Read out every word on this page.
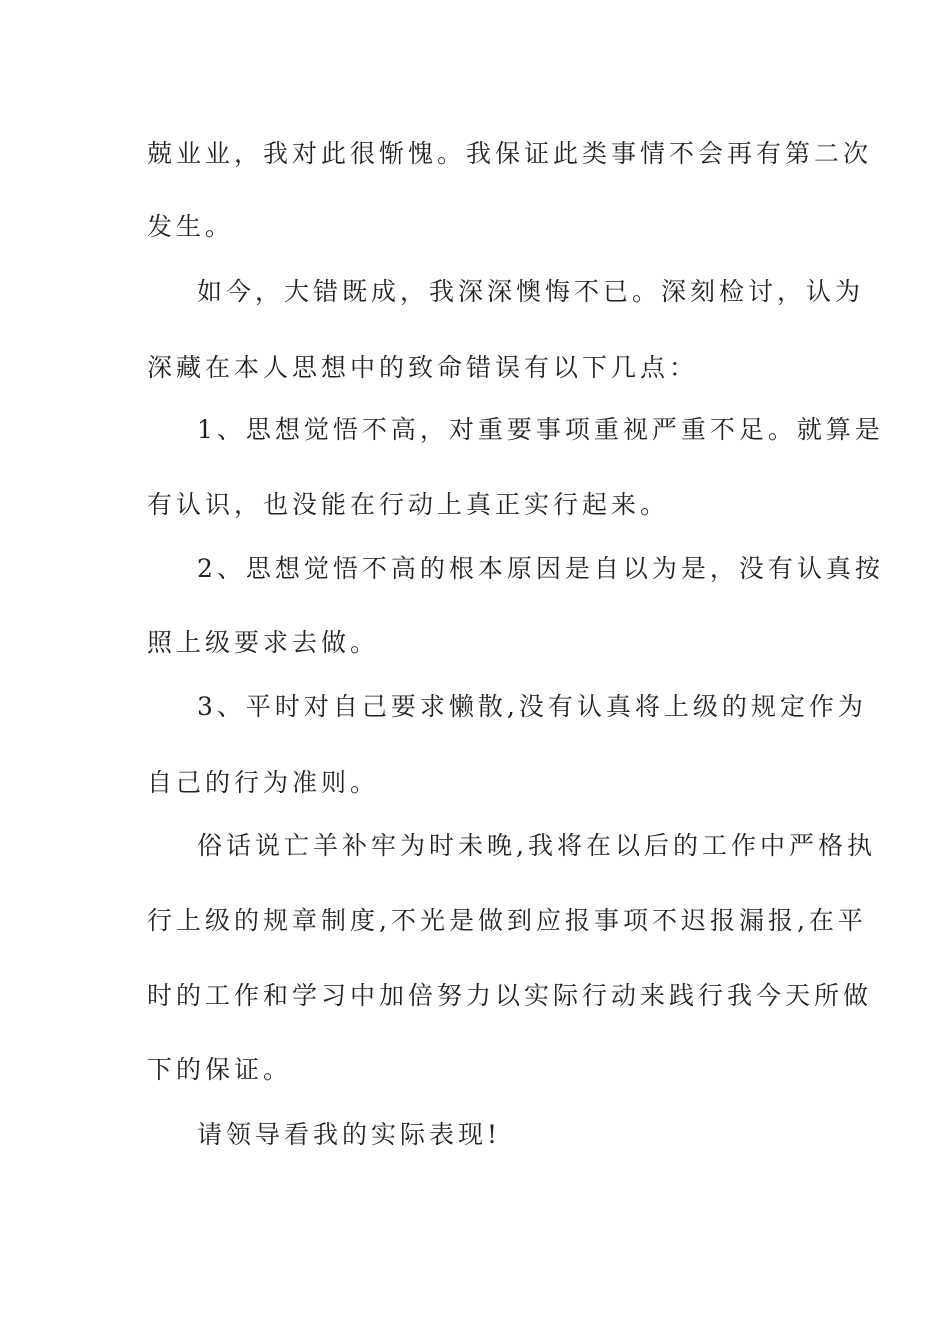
兢业业，我对此很惭愧。我保证此类事情不会再有第二次
发生。
如今，大错既成，我深深懊悔不已。深刻检讨，认为
深藏在本人思想中的致命错误有以下几点：
1、思想觉悟不高，对重要事项重视严重不足。就算是
有认识，也没能在行动上真正实行起来。
2、思想觉悟不高的根本原因是自以为是，没有认真按
照上级要求去做。
3、平时对自己要求懒散,没有认真将上级的规定作为
自己的行为准则。
俗话说亡羊补牢为时未晚,我将在以后的工作中严格执
行上级的规章制度,不光是做到应报事项不迟报漏报,在平
时的工作和学习中加倍努力以实际行动来践行我今天所做
下的保证。
请领导看我的实际表现!
